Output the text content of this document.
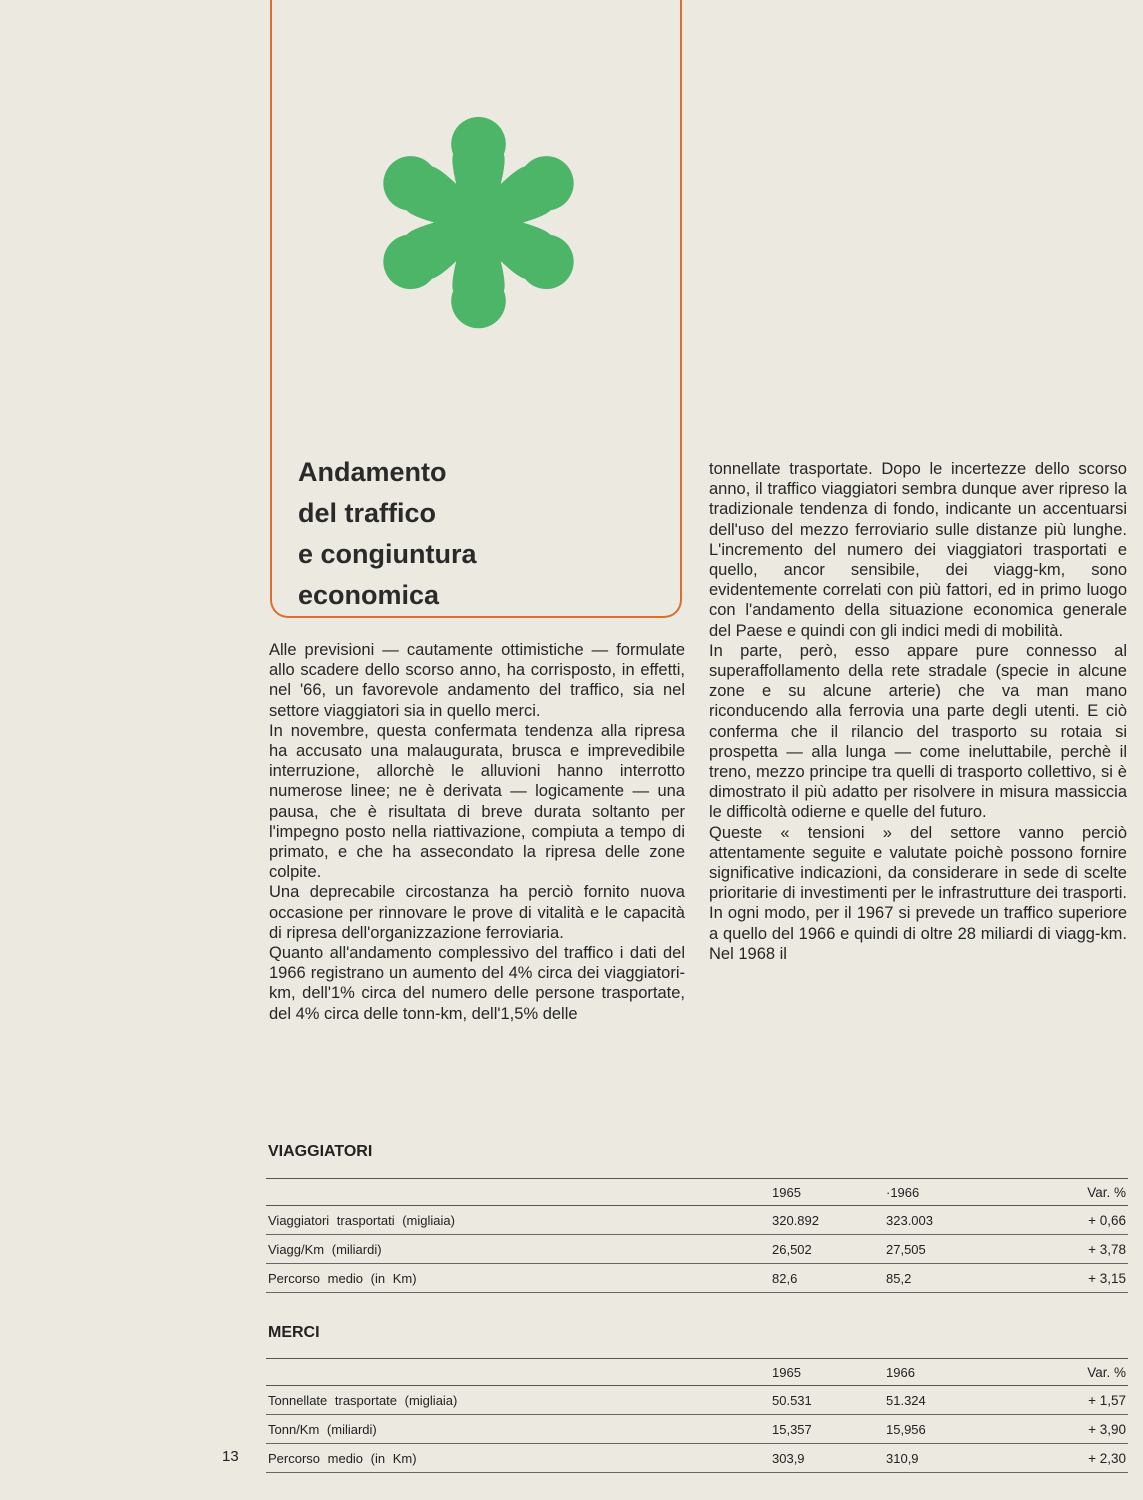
Andamento
del traffico
e congiuntura
economica

Alle previsioni — cautamente ottimistiche — formulate allo scadere dello scorso anno, ha corrisposto, in effetti, nel '66, un favorevole andamento del traffico, sia nel settore viaggiatori sia in quello merci.

In novembre, questa confermata tendenza alla ripresa ha accusato una malaugurata, brusca e imprevedibile interruzione, allorchè le alluvioni hanno interrotto numerose linee; ne è derivata — logicamente — una pausa, che è risultata di breve durata soltanto per l'impegno posto nella riattivazione, compiuta a tempo di primato, e che ha assecondato la ripresa delle zone colpite.

Una deprecabile circostanza ha perciò fornito nuova occasione per rinnovare le prove di vitalità e le capacità di ripresa dell'organizzazione ferroviaria.

Quanto all'andamento complessivo del traffico i dati del 1966 registrano un aumento del 4% circa dei viaggiatori-km, dell'1% circa del numero delle persone trasportate, del 4% circa delle tonn-km, dell'1,5% delle

tonnellate trasportate. Dopo le incertezze dello scorso anno, il traffico viaggiatori sembra dunque aver ripreso la tradizionale tendenza di fondo, indicante un accentuarsi dell'uso del mezzo ferroviario sulle distanze più lunghe. L'incremento del numero dei viaggiatori trasportati e quello, ancor sensibile, dei viagg-km, sono evidentemente correlati con più fattori, ed in primo luogo con l'andamento della situazione economica generale del Paese e quindi con gli indici medi di mobilità.

In parte, però, esso appare pure connesso al superaffollamento della rete stradale (specie in alcune zone e su alcune arterie) che va man mano riconducendo alla ferrovia una parte degli utenti. E ciò conferma che il rilancio del trasporto su rotaia si prospetta — alla lunga — come ineluttabile, perchè il treno, mezzo principe tra quelli di trasporto collettivo, si è dimostrato il più adatto per risolvere in misura massiccia le difficoltà odierne e quelle del futuro.

Queste « tensioni » del settore vanno perciò attentamente seguite e valutate poichè possono fornire significative indicazioni, da considerare in sede di scelte prioritarie di investimenti per le infrastrutture dei trasporti. In ogni modo, per il 1967 si prevede un traffico superiore a quello del 1966 e quindi di oltre 28 miliardi di viagg-km. Nel 1968 il

VIAGGIATORI
	1965	·1966	Var. %
Viaggiatori trasportati (migliaia)	320.892	323.003	+ 0,66
Viagg/Km (miliardi)	26,502	27,505	+ 3,78
Percorso medio (in Km)	82,6	85,2	+ 3,15
MERCI
	1965	1966	Var. %
Tonnellate trasportate (migliaia)	50.531	51.324	+ 1,57
Tonn/Km (miliardi)	15,357	15,956	+ 3,90
Percorso medio (in Km)	303,9	310,9	+ 2,30
13
